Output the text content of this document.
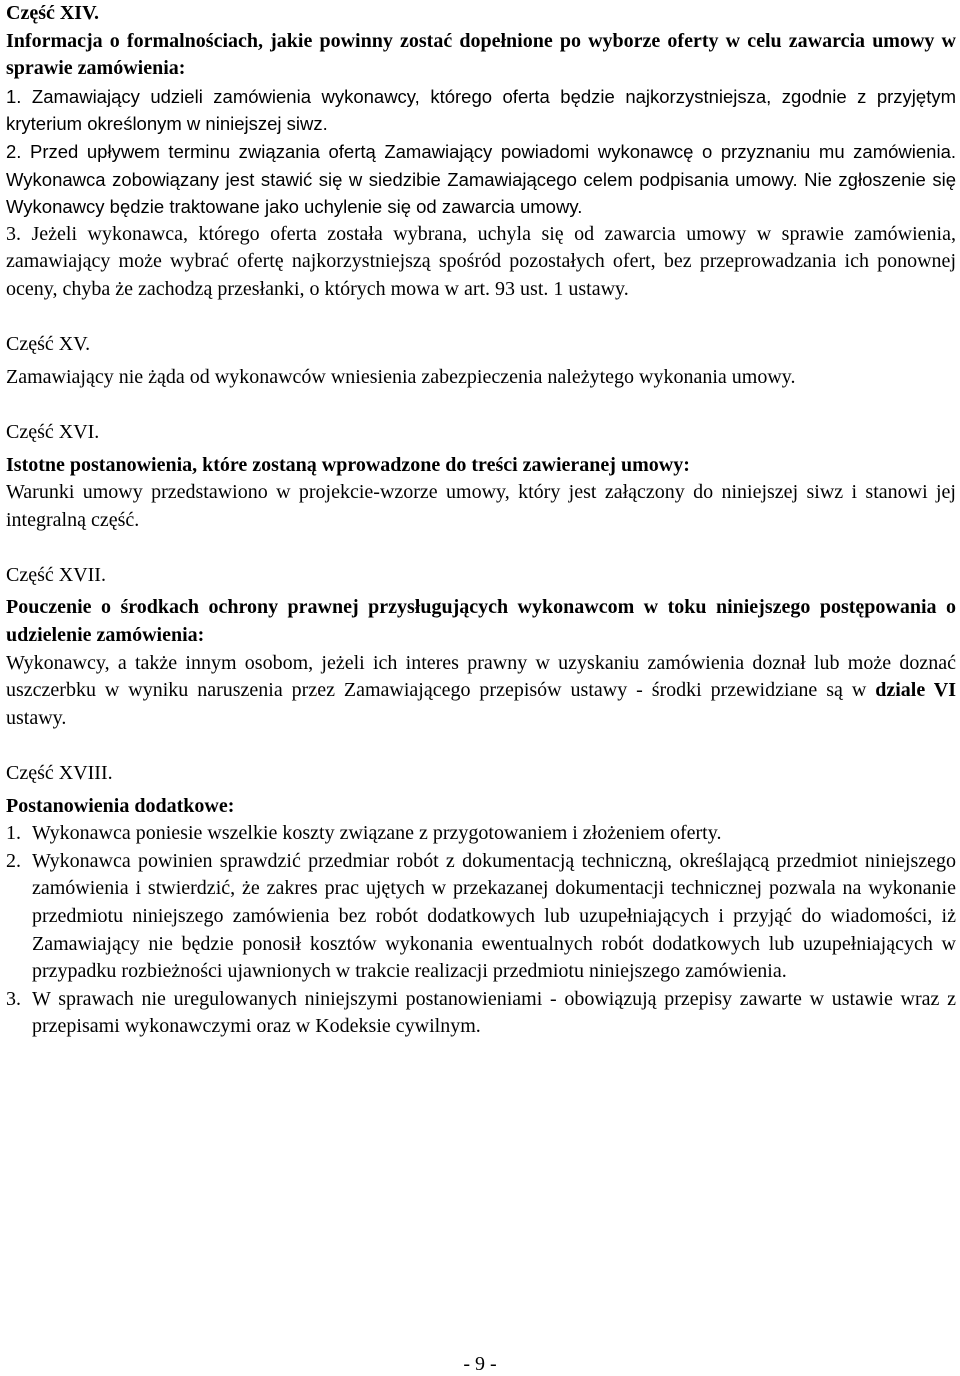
Część XIV.

Informacja o formalnościach, jakie powinny zostać dopełnione po wyborze oferty w celu zawarcia umowy w sprawie zamówienia:

1. Zamawiający udzieli zamówienia wykonawcy, którego oferta będzie najkorzystniejsza, zgodnie z przyjętym kryterium określonym w niniejszej siwz.

2. Przed upływem terminu związania ofertą Zamawiający powiadomi wykonawcę o przyznaniu mu zamówienia. Wykonawca zobowiązany jest stawić się w siedzibie Zamawiającego celem podpisania umowy. Nie zgłoszenie się Wykonawcy będzie traktowane jako uchylenie się od zawarcia umowy.

3. Jeżeli wykonawca, którego oferta została wybrana, uchyla się od zawarcia umowy w sprawie zamówienia, zamawiający może wybrać ofertę najkorzystniejszą spośród pozostałych ofert, bez przeprowadzania ich ponownej oceny, chyba że zachodzą przesłanki, o których mowa w art. 93 ust. 1 ustawy.

Część XV.

Zamawiający nie żąda od wykonawców wniesienia zabezpieczenia należytego wykonania umowy.

Część XVI.

Istotne postanowienia, które zostaną wprowadzone do treści zawieranej umowy:

Warunki umowy przedstawiono w projekcie-wzorze umowy, który jest załączony do niniejszej siwz i stanowi jej integralną część.

Część XVII.

Pouczenie o środkach ochrony prawnej przysługujących wykonawcom w toku niniejszego postępowania o udzielenie zamówienia:

Wykonawcy, a także innym osobom, jeżeli ich interes prawny w uzyskaniu zamówienia doznał lub może doznać uszczerbku w wyniku naruszenia przez Zamawiającego przepisów ustawy - środki przewidziane są w dziale VI ustawy.

Część XVIII.

Postanowienia dodatkowe:

1. Wykonawca poniesie wszelkie koszty związane z przygotowaniem i złożeniem oferty.
2. Wykonawca powinien sprawdzić przedmiar robót z dokumentacją techniczną, określającą przedmiot niniejszego zamówienia i stwierdzić, że zakres prac ujętych w przekazanej dokumentacji technicznej pozwala na wykonanie przedmiotu niniejszego zamówienia bez robót dodatkowych lub uzupełniających i przyjąć do wiadomości, iż Zamawiający nie będzie ponosił kosztów wykonania ewentualnych robót dodatkowych lub uzupełniających w przypadku rozbieżności ujawnionych w trakcie realizacji przedmiotu niniejszego zamówienia.
3. W sprawach nie uregulowanych niniejszymi postanowieniami - obowiązują przepisy zawarte w ustawie wraz z przepisami wykonawczymi oraz w Kodeksie cywilnym.
- 9 -
